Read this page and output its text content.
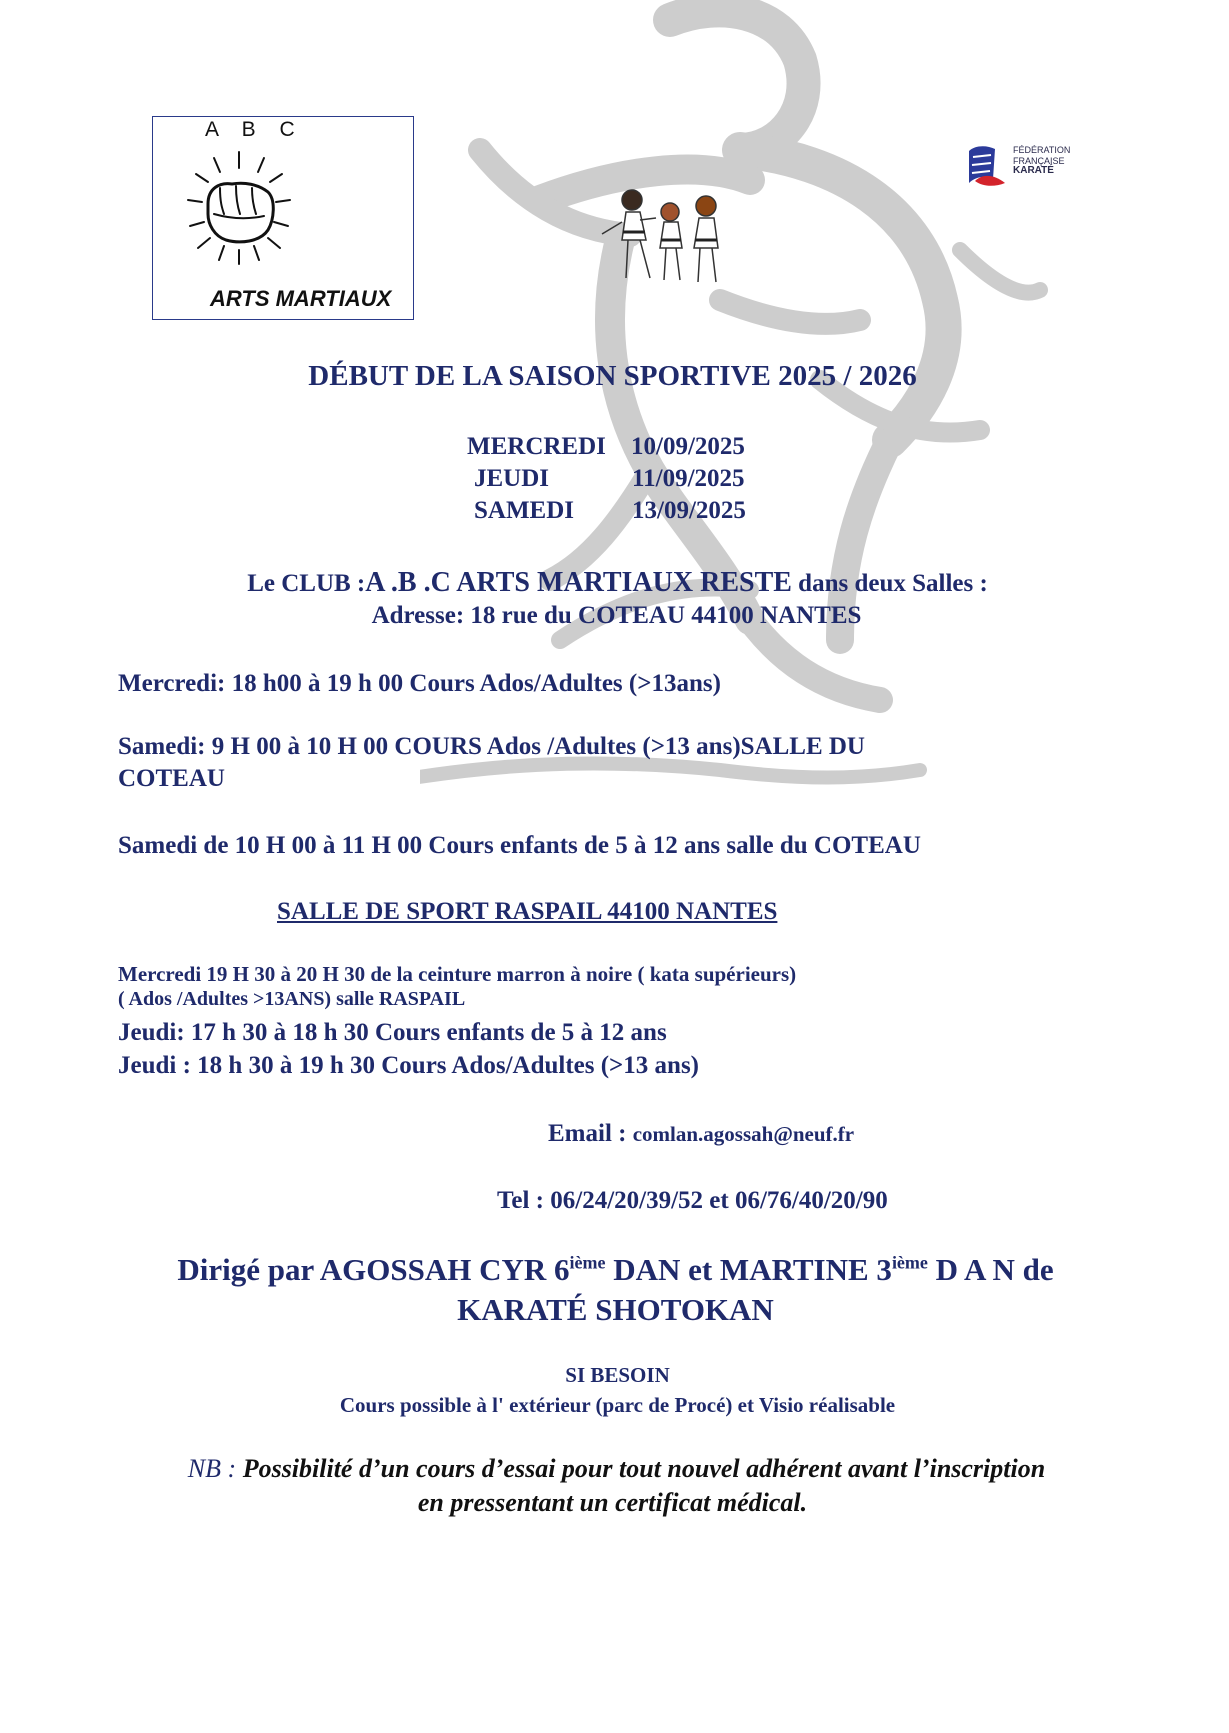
A B C
ARTS MARTIAUX
FÉDÉRATION
FRANÇAISE
KARATÉ
DÉBUT DE LA SAISON SPORTIVE 2025 / 2026
MERCREDI 10/09/2025
JEUDI	11/09/2025
SAMEDI 13/09/2025
Le CLUB :A .B .C ARTS MARTIAUX RESTE dans deux Salles :
Adresse: 18 rue du COTEAU 44100 NANTES
Mercredi: 18 h00 à 19 h 00 Cours Ados/Adultes (>13ans)
Samedi: 9 H 00 à 10 H 00 COURS Ados /Adultes (>13 ans)SALLE DU
COTEAU
Samedi de 10 H 00 à 11 H 00 Cours enfants de 5 à 12 ans salle du COTEAU
SALLE DE SPORT RASPAIL 44100 NANTES
Mercredi 19 H 30 à 20 H 30 de la ceinture marron à noire ( kata supérieurs)
( Ados /Adultes >13ANS) salle RASPAIL
Jeudi: 17 h 30 à 18 h 30 Cours enfants de 5 à 12 ans
Jeudi : 18 h 30 à 19 h 30 Cours Ados/Adultes (>13 ans)
Email : comlan.agossah@neuf.fr
Tel : 06/24/20/39/52 et 06/76/40/20/90
Dirigé par AGOSSAH CYR 6ième DAN et MARTINE 3ième D A N de
KARATÉ SHOTOKAN
SI BESOIN
Cours possible à l' extérieur (parc de Procé) et Visio réalisable
NB : Possibilité d’un cours d’essai pour tout nouvel adhérent avant l’inscription
en pressentant un certificat médical.
